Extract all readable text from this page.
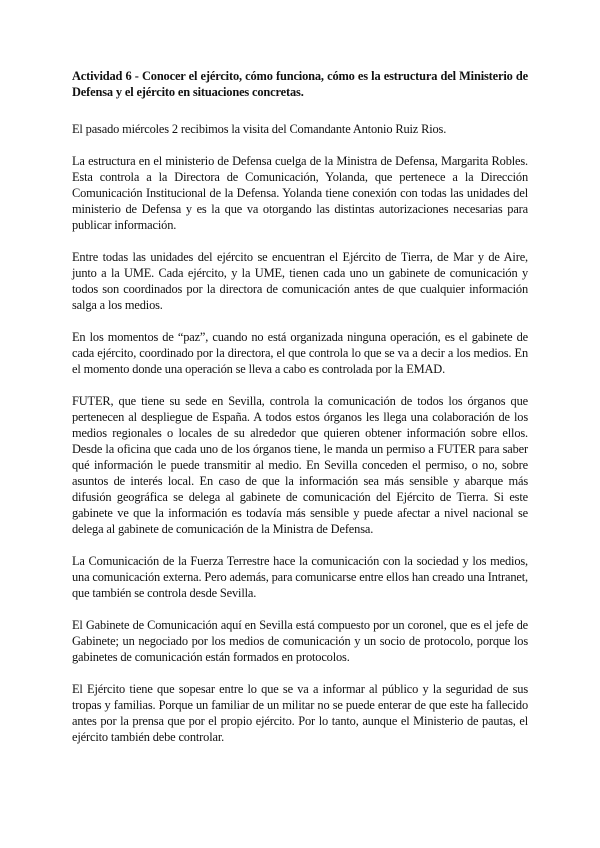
Actividad 6 - Conocer el ejército, cómo funciona, cómo es la estructura del Ministerio de Defensa y el ejército en situaciones concretas.

El pasado miércoles 2 recibimos la visita del Comandante Antonio Ruiz Rios.

La estructura en el ministerio de Defensa cuelga de la Ministra de Defensa, Margarita Robles. Esta controla a la Directora de Comunicación, Yolanda, que pertenece a la Dirección Comunicación Institucional de la Defensa. Yolanda tiene conexión con todas las unidades del ministerio de Defensa y es la que va otorgando las distintas autorizaciones necesarias para publicar información.

Entre todas las unidades del ejército se encuentran el Ejército de Tierra, de Mar y de Aire, junto a la UME. Cada ejército, y la UME, tienen cada uno un gabinete de comunicación y todos son coordinados por la directora de comunicación antes de que cualquier información salga a los medios.

En los momentos de “paz”, cuando no está organizada ninguna operación, es el gabinete de cada ejército, coordinado por la directora, el que controla lo que se va a decir a los medios. En el momento donde una operación se lleva a cabo es controlada por la EMAD.

FUTER, que tiene su sede en Sevilla, controla la comunicación de todos los órganos que pertenecen al despliegue de España. A todos estos órganos les llega una colaboración de los medios regionales o locales de su alrededor que quieren obtener información sobre ellos. Desde la oficina que cada uno de los órganos tiene, le manda un permiso a FUTER para saber qué información le puede transmitir al medio. En Sevilla conceden el permiso, o no, sobre asuntos de interés local. En caso de que la información sea más sensible y abarque más difusión geográfica se delega al gabinete de comunicación del Ejército de Tierra. Si este gabinete ve que la información es todavía más sensible y puede afectar a nivel nacional se delega al gabinete de comunicación de la Ministra de Defensa.

La Comunicación de la Fuerza Terrestre hace la comunicación con la sociedad y los medios, una comunicación externa. Pero además, para comunicarse entre ellos han creado una Intranet, que también se controla desde Sevilla.

El Gabinete de Comunicación aquí en Sevilla está compuesto por un coronel, que es el jefe de Gabinete; un negociado por los medios de comunicación y un socio de protocolo, porque los gabinetes de comunicación están formados en protocolos.

El Ejército tiene que sopesar entre lo que se va a informar al público y la seguridad de sus tropas y familias. Porque un familiar de un militar no se puede enterar de que este ha fallecido antes por la prensa que por el propio ejército. Por lo tanto, aunque el Ministerio de pautas, el ejército también debe controlar.
